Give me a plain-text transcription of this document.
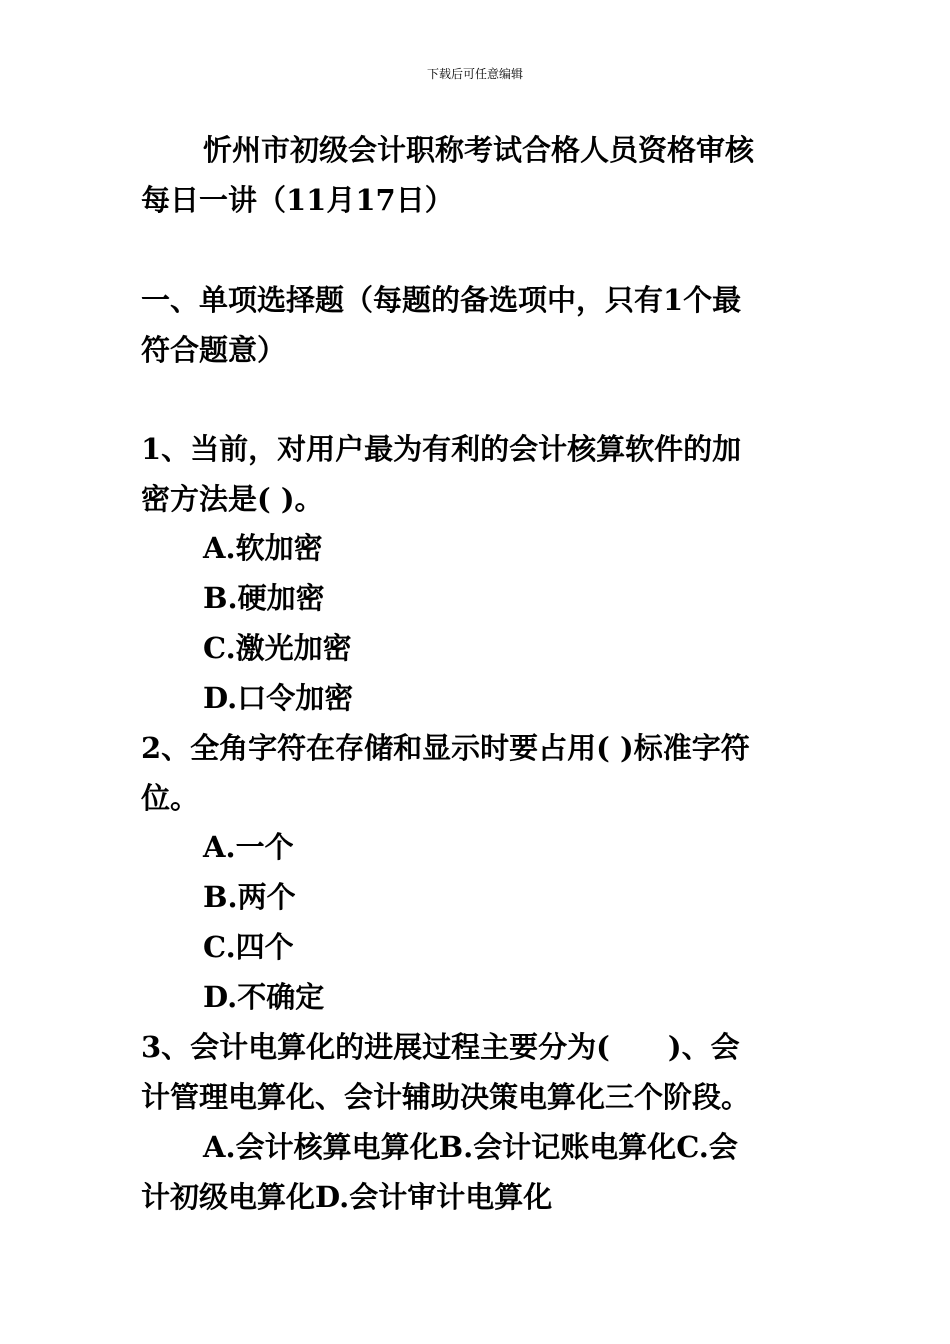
下载后可任意编辑
忻州市初级会计职称考试合格人员资格审核
每日一讲（11月17日）
一、单项选择题（每题的备选项中，只有1个最
符合题意）
1、当前，对用户最为有利的会计核算软件的加
密方法是( )。
A.软加密
B.硬加密
C.激光加密
D.口令加密
2、全角字符在存储和显示时要占用( )标准字符
位。
A.一个
B.两个
C.四个
D.不确定
3、会计电算化的进展过程主要分为(　　)、会
计管理电算化、会计辅助决策电算化三个阶段。
A.会计核算电算化B.会计记账电算化C.会
计初级电算化D.会计审计电算化
